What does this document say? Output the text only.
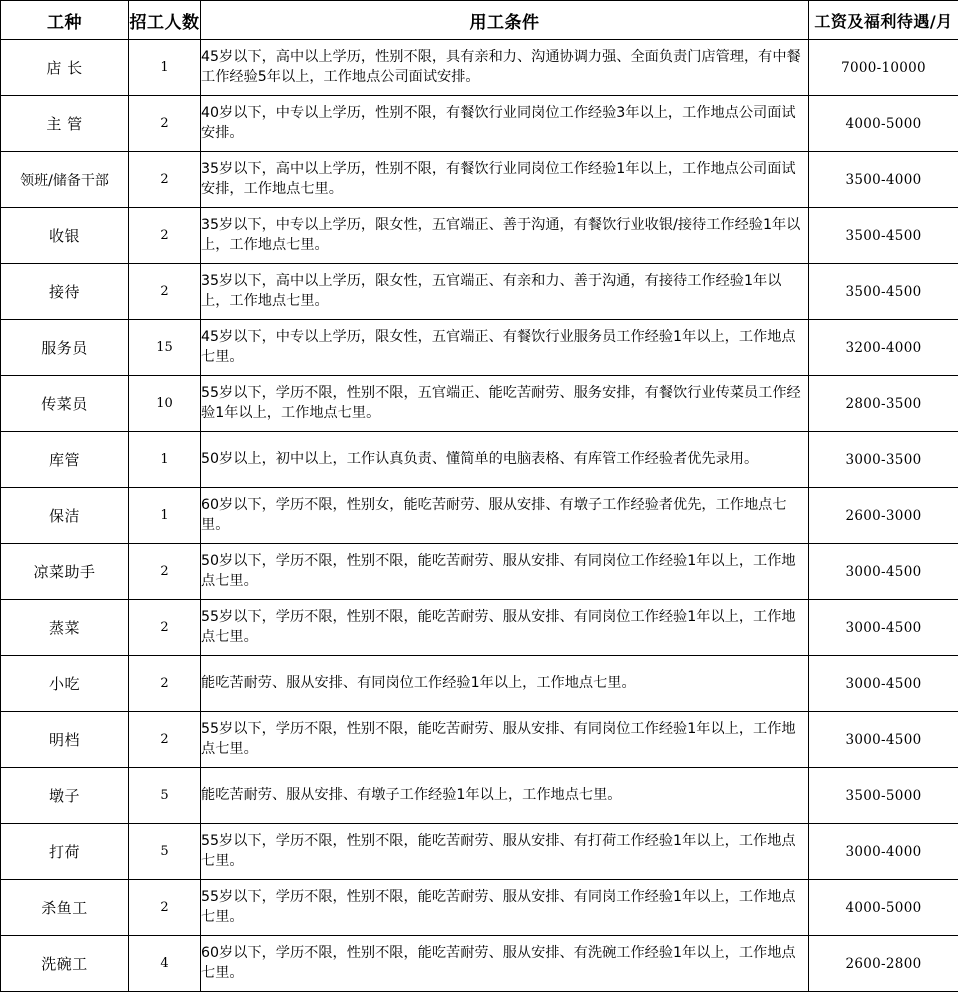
工种	招工人数	用工条件	工资及福利待遇/月
店 长	1	45岁以下，高中以上学历，性别不限，具有亲和力、沟通协调力强、全面负责门店管理，有中餐工作经验5年以上，工作地点公司面试安排。	7000-10000
主 管	2	40岁以下，中专以上学历，性别不限，有餐饮行业同岗位工作经验3年以上，工作地点公司面试安排。	4000-5000
领班/储备干部	2	35岁以下，高中以上学历，性别不限，有餐饮行业同岗位工作经验1年以上，工作地点公司面试安排，工作地点七里。	3500-4000
收银	2	35岁以下，中专以上学历，限女性，五官端正、善于沟通，有餐饮行业收银/接待工作经验1年以上，工作地点七里。	3500-4500
接待	2	35岁以下，高中以上学历，限女性，五官端正、有亲和力、善于沟通，有接待工作经验1年以上，工作地点七里。	3500-4500
服务员	15	45岁以下，中专以上学历，限女性，五官端正、有餐饮行业服务员工作经验1年以上，工作地点七里。	3200-4000
传菜员	10	55岁以下，学历不限，性别不限，五官端正、能吃苦耐劳、服务安排，有餐饮行业传菜员工作经验1年以上，工作地点七里。	2800-3500
库管	1	50岁以上，初中以上，工作认真负责、懂简单的电脑表格、有库管工作经验者优先录用。	3000-3500
保洁	1	60岁以下，学历不限，性别女，能吃苦耐劳、服从安排、有墩子工作经验者优先，工作地点七里。	2600-3000
凉菜助手	2	50岁以下，学历不限，性别不限，能吃苦耐劳、服从安排、有同岗位工作经验1年以上，工作地点七里。	3000-4500
蒸菜	2	55岁以下，学历不限，性别不限，能吃苦耐劳、服从安排、有同岗位工作经验1年以上，工作地点七里。	3000-4500
小吃	2	能吃苦耐劳、服从安排、有同岗位工作经验1年以上，工作地点七里。	3000-4500
明档	2	55岁以下，学历不限，性别不限，能吃苦耐劳、服从安排、有同岗位工作经验1年以上，工作地点七里。	3000-4500
墩子	5	能吃苦耐劳、服从安排、有墩子工作经验1年以上，工作地点七里。	3500-5000
打荷	5	55岁以下，学历不限，性别不限，能吃苦耐劳、服从安排、有打荷工作经验1年以上，工作地点七里。	3000-4000
杀鱼工	2	55岁以下，学历不限，性别不限，能吃苦耐劳、服从安排、有同岗工作经验1年以上，工作地点七里。	4000-5000
洗碗工	4	60岁以下，学历不限，性别不限，能吃苦耐劳、服从安排、有洗碗工作经验1年以上，工作地点七里。	2600-2800
